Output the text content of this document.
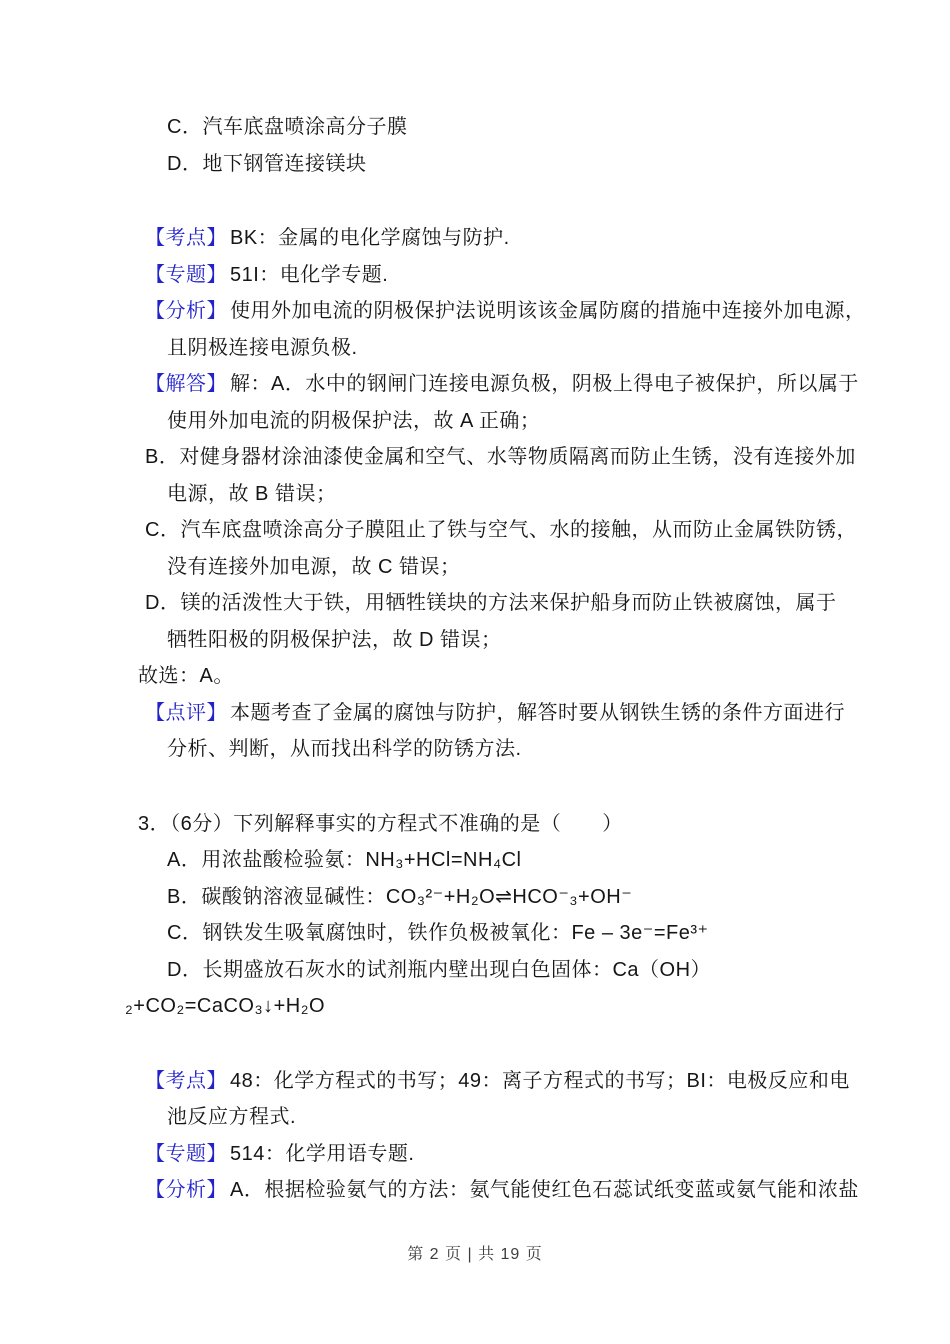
C．汽车底盘喷涂高分子膜
D．地下钢管连接镁块
【考点】 BK：金属的电化学腐蚀与防护.
【专题】 51I：电化学专题.
【分析】 使用外加电流的阴极保护法说明该该金属防腐的措施中连接外加电源，
且阴极连接电源负极.
【解答】 解：A．水中的钢闸门连接电源负极，阴极上得电子被保护，所以属于
使用外加电流的阴极保护法，故 A 正确；
B．对健身器材涂油漆使金属和空气、水等物质隔离而防止生锈，没有连接外加
电源，故 B 错误；
C．汽车底盘喷涂高分子膜阻止了铁与空气、水的接触，从而防止金属铁防锈，
没有连接外加电源，故 C 错误；
D．镁的活泼性大于铁，用牺牲镁块的方法来保护船身而防止铁被腐蚀，属于
牺牲阳极的阴极保护法，故 D 错误；
故选：A。
【点评】 本题考查了金属的腐蚀与防护，解答时要从钢铁生锈的条件方面进行
分析、判断，从而找出科学的防锈方法.
3．（6分）下列解释事实的方程式不准确的是（　　）
A．用浓盐酸检验氨：NH₃+HCl=NH₄Cl
B．碳酸钠溶液显碱性：CO₃²⁻+H₂O⇌HCO⁻₃+OH⁻
C．钢铁发生吸氧腐蚀时，铁作负极被氧化：Fe – 3e⁻=Fe³⁺
D．长期盛放石灰水的试剂瓶内壁出现白色固体：Ca（OH）
₂+CO₂=CaCO₃↓+H₂O
【考点】 48：化学方程式的书写；49：离子方程式的书写；BI：电极反应和电
池反应方程式.
【专题】 514：化学用语专题.
【分析】 A．根据检验氨气的方法：氨气能使红色石蕊试纸变蓝或氨气能和浓盐
第 2 页 | 共 19 页
